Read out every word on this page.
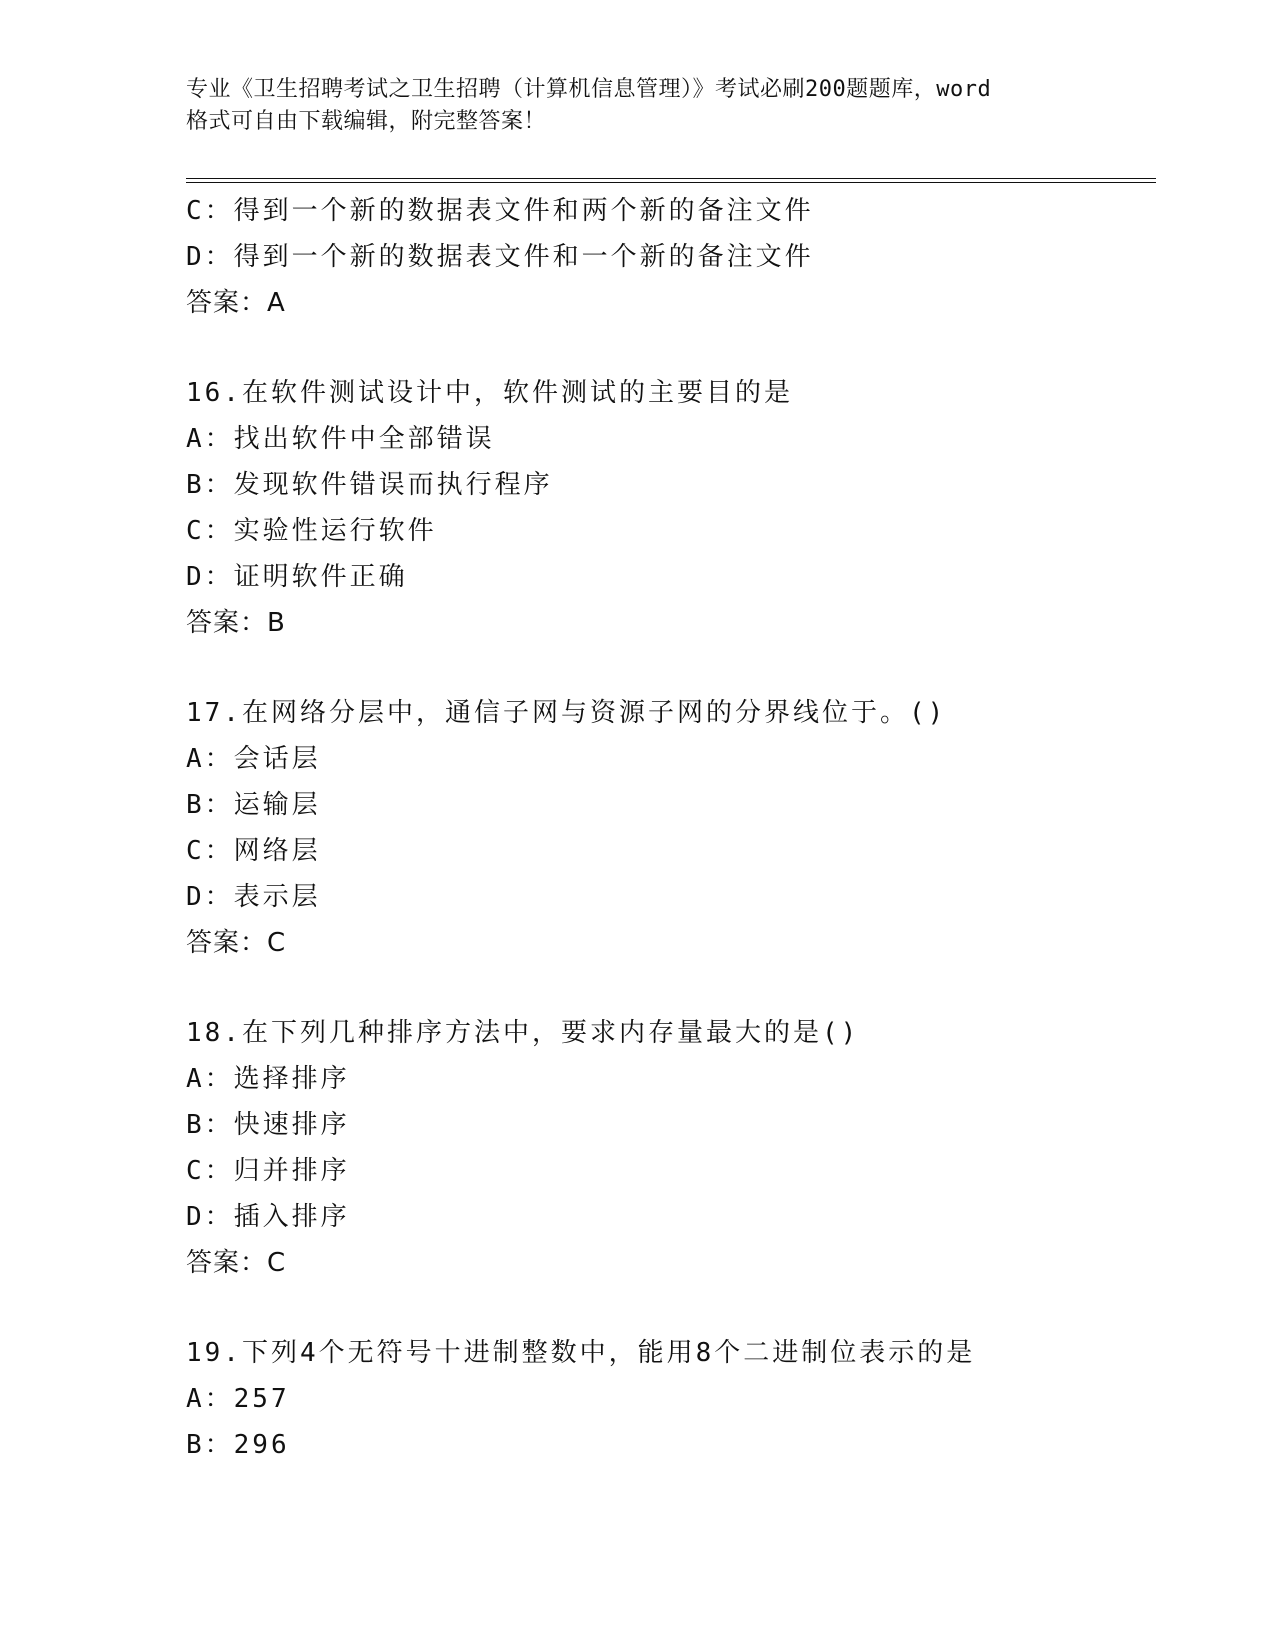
专业《卫生招聘考试之卫生招聘（计算机信息管理）》考试必刷200题题库，word
格式可自由下载编辑，附完整答案！
C：得到一个新的数据表文件和两个新的备注文件
D：得到一个新的数据表文件和一个新的备注文件
答案：A
16.在软件测试设计中，软件测试的主要目的是
A：找出软件中全部错误
B：发现软件错误而执行程序
C：实验性运行软件
D：证明软件正确
答案：B
17.在网络分层中，通信子网与资源子网的分界线位于。()
A：会话层
B：运输层
C：网络层
D：表示层
答案：C
18.在下列几种排序方法中，要求内存量最大的是()
A：选择排序
B：快速排序
C：归并排序
D：插入排序
答案：C
19.下列4个无符号十进制整数中，能用8个二进制位表示的是
A：257
B：296
